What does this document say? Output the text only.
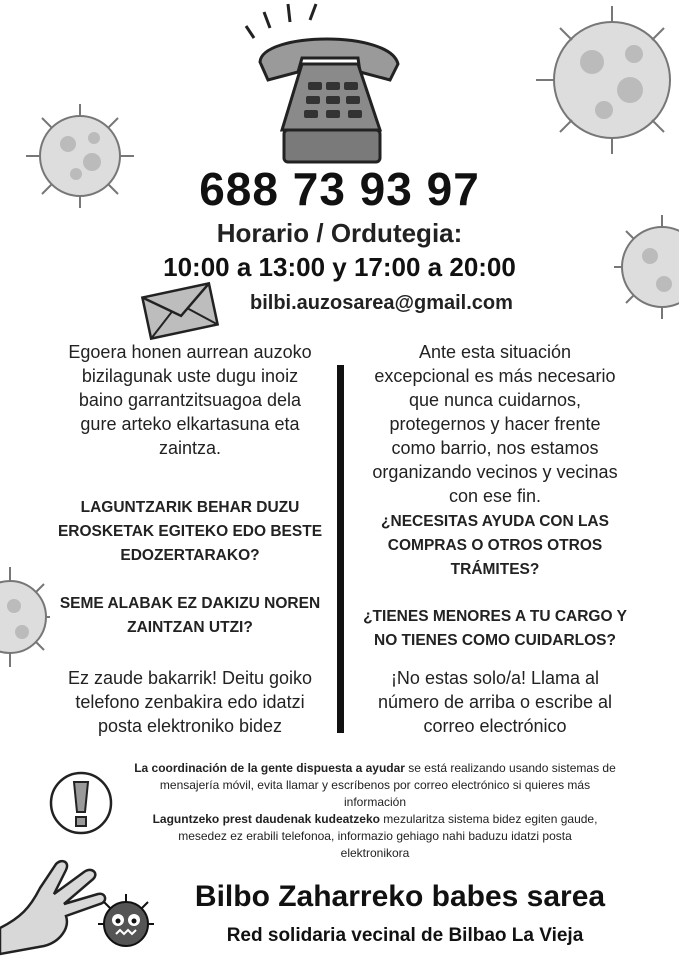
688 73 93 97
Horario / Ordutegia:
10:00 a 13:00 y 17:00 a 20:00
bilbi.auzosarea@gmail.com
Egoera honen aurrean auzoko
bizilagunak uste dugu inoiz
baino garrantzitsuagoa dela
gure arteko elkartasuna eta
zaintza.
LAGUNTZARIK BEHAR DUZU
EROSKETAK EGITEKO EDO BESTE
EDOZERTARAKO?
SEME ALABAK EZ DAKIZU NOREN
ZAINTZAN UTZI?
Ez zaude bakarrik! Deitu goiko
telefono zenbakira edo idatzi
posta elektroniko bidez
Ante esta situación
excepcional es más necesario
que nunca cuidarnos,
protegernos y hacer frente
como barrio, nos estamos
organizando vecinos y vecinas
con ese fin.
¿NECESITAS AYUDA CON LAS
COMPRAS O OTROS OTROS
TRÁMITES?
¿TIENES MENORES A TU CARGO Y
NO TIENES COMO CUIDARLOS?
¡No estas solo/a! Llama al
número de arriba o escribe al
correo electrónico
La coordinación de la gente dispuesta a ayudar se está realizando usando sistemas de
mensajería móvil, evita llamar y escríbenos por correo electrónico si quieres más
información
Laguntzeko prest daudenak kudeatzeko mezularitza sistema bidez egiten gaude,
mesedez ez erabili telefonoa, informazio gehiago nahi baduzu idatzi posta
elektronikora
Bilbo Zaharreko babes sarea
Red solidaria vecinal de Bilbao La Vieja
